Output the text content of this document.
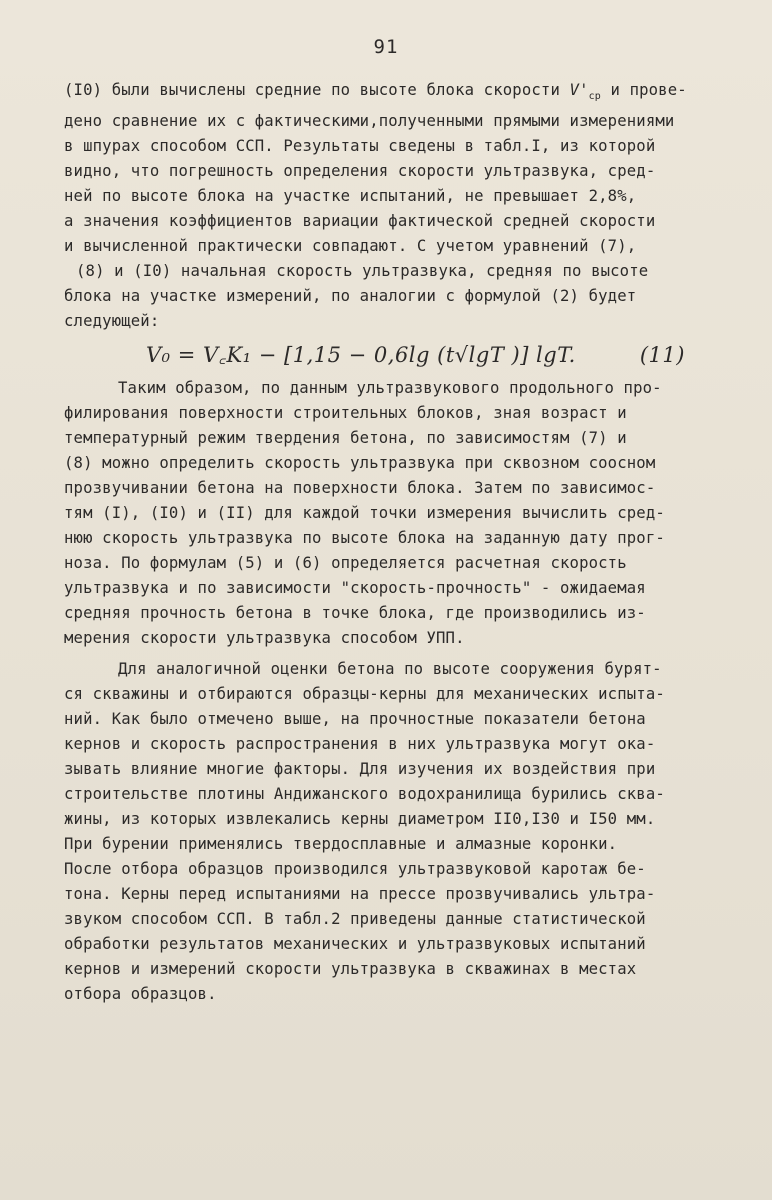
91
(I0) были вычислены средние по высоте блока скорости $V'_{ср}$ и прове-
дено сравнение их с фактическими,полученными прямыми измерениями
в шпурах способом ССП. Результаты сведены в табл.I, из которой
видно, что погрешность определения скорости ультразвука, сред-
ней по высоте блока на участке испытаний, не превышает 2,8%,
а значения коэффициентов вариации фактической средней скорости
и вычисленной практически совпадают. С учетом уравнений (7),
(8) и (I0) начальная скорость ультразвука, средняя по высоте
блока на участке измерений, по аналогии с формулой (2) будет
следующей:
V₀ = V꜀K₁ − [1,15 − 0,6lg (t√lgT )] lgT.	(11)
Таким образом, по данным ультразвукового продольного про-
филирования поверхности строительных блоков, зная возраст и
температурный режим твердения бетона, по зависимостям (7) и
(8) можно определить скорость ультразвука при сквозном соосном
прозвучивании бетона на поверхности блока. Затем по зависимос-
тям (I), (I0) и (II) для каждой точки измерения вычислить сред-
нюю скорость ультразвука по высоте блока на заданную дату прог-
ноза. По формулам (5) и (6) определяется расчетная скорость
ультразвука и по зависимости "скорость-прочность" - ожидаемая
средняя прочность бетона в точке блока, где производились из-
мерения скорости ультразвука способом УПП.
Для аналогичной оценки бетона по высоте сооружения бурят-
ся скважины и отбираются образцы-керны для механических испыта-
ний. Как было отмечено выше, на прочностные показатели бетона
кернов и скорость распространения в них ультразвука могут ока-
зывать влияние многие факторы. Для изучения их воздействия при
строительстве плотины Андижанского водохранилища бурились сква-
жины, из которых извлекались керны диаметром II0,I30 и I50 мм.
При бурении применялись твердосплавные и алмазные коронки.
После отбора образцов производился ультразвуковой каротаж бе-
тона. Керны перед испытаниями на прессе прозвучивались ультра-
звуком способом ССП. В табл.2 приведены данные статистической
обработки результатов механических и ультразвуковых испытаний
кернов и измерений скорости ультразвука в скважинах в местах
отбора образцов.
